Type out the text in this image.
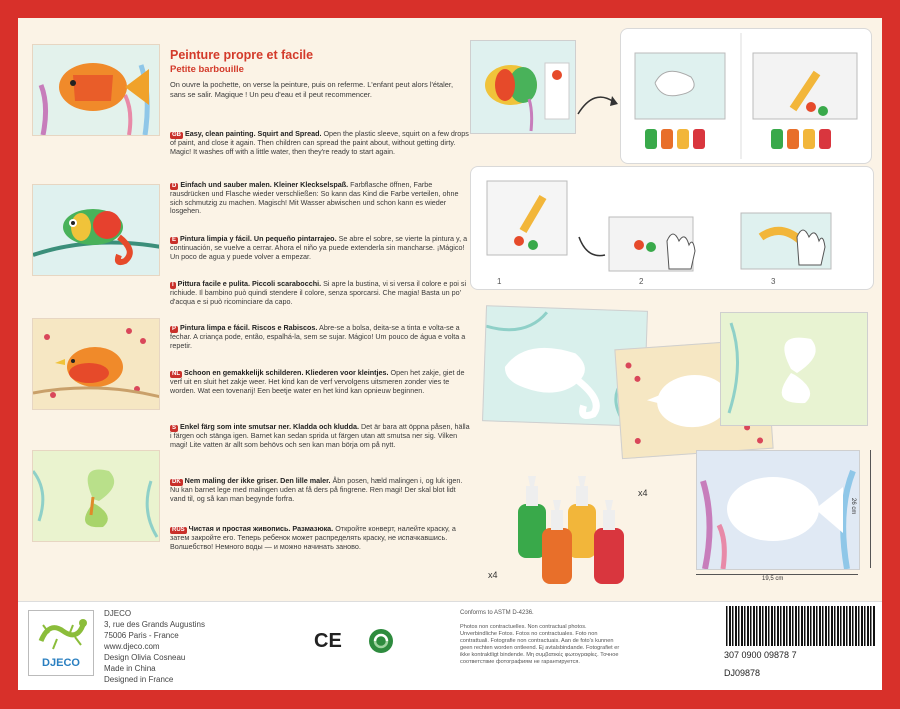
Peinture propre et facile
Petite barbouille
On ouvre la pochette, on verse la peinture, puis on referme. L'enfant peut alors l'étaler, sans se salir. Magique ! Un peu d'eau et il peut recommencer.
GB Easy, clean painting. Squirt and Spread. Open the plastic sleeve, squirt on a few drops of paint, and close it again. Then children can spread the paint about, without getting dirty. Magic! It washes off with a little water, then they're ready to start again.
D Einfach und sauber malen. Kleiner Kleckselspaß. Farbflasche öffnen, Farbe rausdrücken und Flasche wieder verschließen: So kann das Kind die Farbe verteilen, ohne sich schmutzig zu machen. Magisch! Mit Wasser abwischen und schon kann es wieder losgehen.
E Pintura limpia y fácil. Un pequeño pintarrajeo. Se abre el sobre, se vierte la pintura y, a continuación, se vuelve a cerrar. Ahora el niño ya puede extenderla sin mancharse. ¡Mágico! Un poco de agua y puede volver a empezar.
I Pittura facile e pulita. Piccoli scarabocchi. Si apre la bustina, vi si versa il colore e poi si richiude. Il bambino può quindi stendere il colore, senza sporcarsi. Che magia! Basta un po' d'acqua e si può ricominciare da capo.
P Pintura limpa e fácil. Riscos e Rabiscos. Abre-se a bolsa, deita-se a tinta e volta-se a fechar. A criança pode, então, espalhá-la, sem se sujar. Mágico! Um pouco de água e volta a repetir.
NL Schoon en gemakkelijk schilderen. Kliederen voor kleintjes. Open het zakje, giet de verf uit en sluit het zakje weer. Het kind kan de verf vervolgens uitsmeren zonder vies te worden. Wat een tovenarij! Een beetje water en het kind kan opnieuw beginnen.
S Enkel färg som inte smutsar ner. Kladda och kludda. Det är bara att öppna påsen, hälla i färgen och stänga igen. Barnet kan sedan sprida ut färgen utan att smutsa ner sig. Vilken magi! Lite vatten är allt som behövs och sen kan man börja om på nytt.
DK Nem maling der ikke griser. Den lille maler. Åbn posen, hæld malingen i, og luk igen. Nu kan barnet lege med malingen uden at få ders på fingrene. Ren magi! Der skal blot lidt vand til, og så kan man begynde forfra.
RUS Чистая и простая живопись. Размазюка. Откройте конверт, налейте краску, а затем закройте его. Теперь ребенок может распределять краску, не испачкавшись. Волшебство! Немного воды — и можно начинать заново.
1	2	3
x4
26 cm
19,5 cm
x4
DJECO
DJECO
3, rue des Grands Augustins
75006 Paris - France
www.djeco.com
Design Olivia Cosneau
Made in China
Designed in France
CE
Conforms to ASTM D-4236.
Photos non contractuelles. Non contractual photos. Unverbindliche Fotos. Fotos no contractuales. Foto non contrattuali. Fotografie non contractuais. Aan de foto's kunnen geen rechten worden ontleend. Ej avtalsbindande. Fotografiet er ikke kontraktligt bindende. Μη συμβατικές φωτογραφίες. Точное соответствие фотографиям не гарантируется.
307 0900 09878 7
DJ09878
